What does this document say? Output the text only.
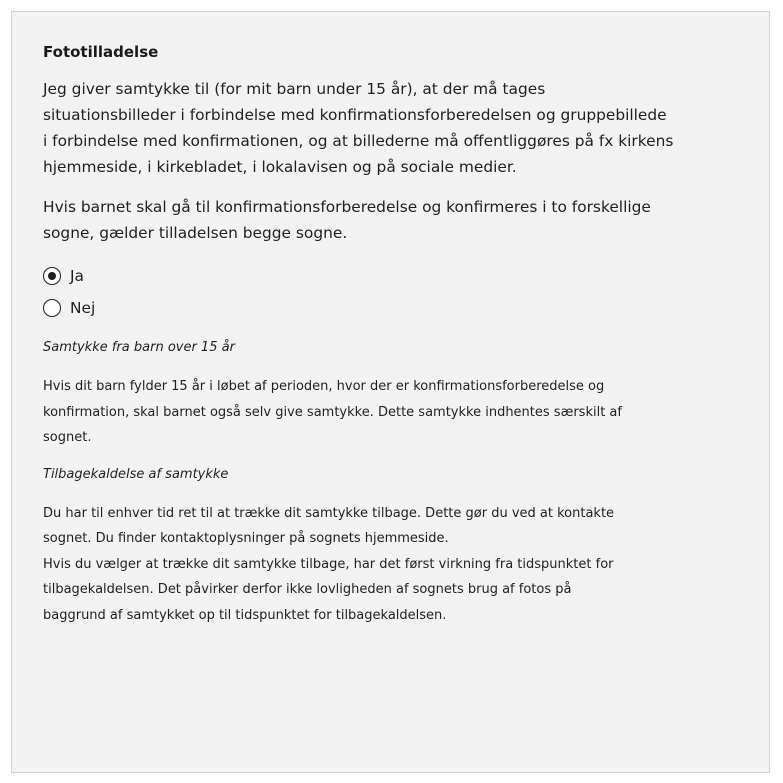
Fototilladelse
Jeg giver samtykke til (for mit barn under 15 år), at der må tages
situationsbilleder i forbindelse med konfirmationsforberedelsen og gruppebillede
i forbindelse med konfirmationen, og at billederne må offentliggøres på fx kirkens
hjemmeside, i kirkebladet, i lokalavisen og på sociale medier.
Hvis barnet skal gå til konfirmationsforberedelse og konfirmeres i to forskellige
sogne, gælder tilladelsen begge sogne.
Ja
Nej
Samtykke fra barn over 15 år
Hvis dit barn fylder 15 år i løbet af perioden, hvor der er konfirmationsforberedelse og
konfirmation, skal barnet også selv give samtykke. Dette samtykke indhentes særskilt af
sognet.
Tilbagekaldelse af samtykke
Du har til enhver tid ret til at trække dit samtykke tilbage. Dette gør du ved at kontakte
sognet. Du finder kontaktoplysninger på sognets hjemmeside.
Hvis du vælger at trække dit samtykke tilbage, har det først virkning fra tidspunktet for
tilbagekaldelsen. Det påvirker derfor ikke lovligheden af sognets brug af fotos på
baggrund af samtykket op til tidspunktet for tilbagekaldelsen.
